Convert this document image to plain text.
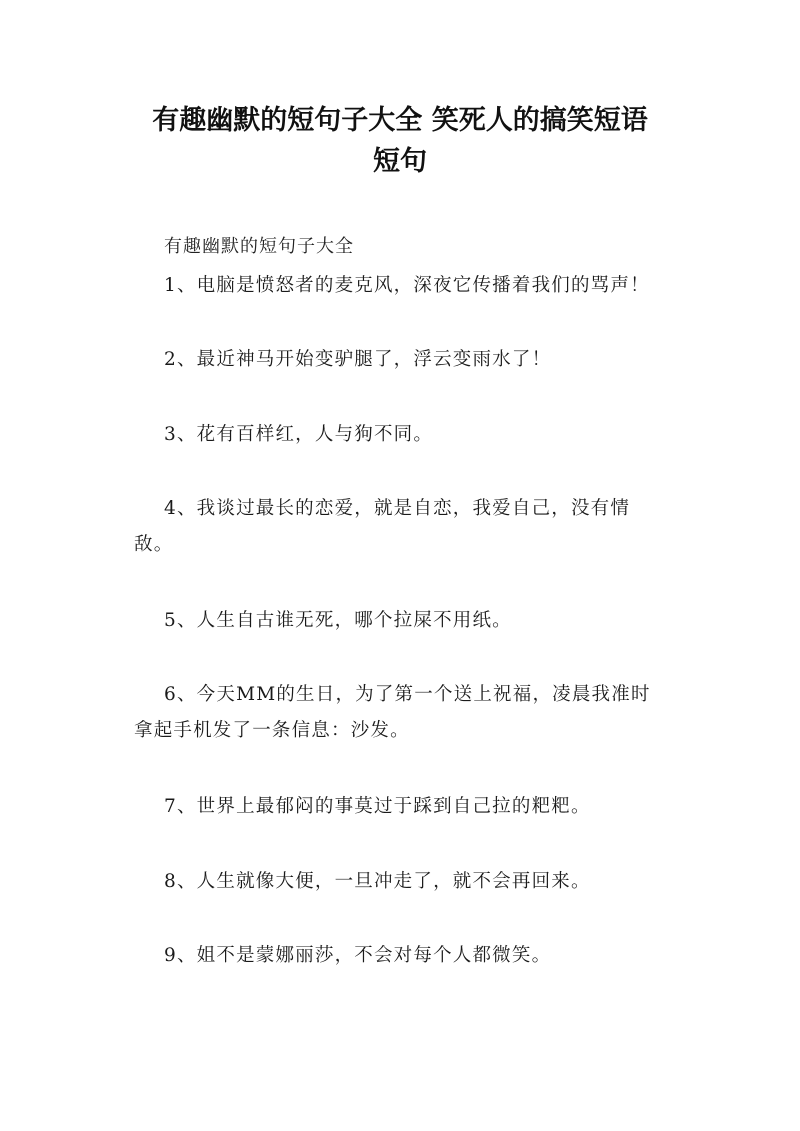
有趣幽默的短句子大全 笑死人的搞笑短语
短句
有趣幽默的短句子大全
1、电脑是愤怒者的麦克风，深夜它传播着我们的骂声！
2、最近神马开始变驴腿了，浮云变雨水了！
3、花有百样红，人与狗不同。
4、我谈过最长的恋爱，就是自恋，我爱自己，没有情
敌。
5、人生自古谁无死，哪个拉屎不用纸。
6、今天MM的生日，为了第一个送上祝福，凌晨我准时
拿起手机发了一条信息：沙发。
7、世界上最郁闷的事莫过于踩到自己拉的粑粑。
8、人生就像大便，一旦冲走了，就不会再回来。
9、姐不是蒙娜丽莎，不会对每个人都微笑。
